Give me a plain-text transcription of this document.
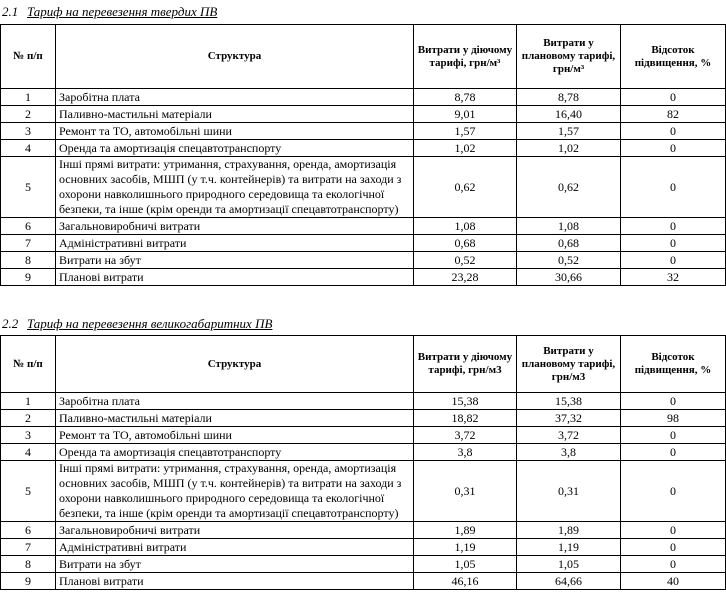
2.1 Тариф на перевезення твердих ПВ
№ п/п	Структура	Витрати у діючому тарифі, грн/м³	Витрати у плановому тарифі, грн/м³	Відсоток підвищення, %
1	Заробітна плата	8,78	8,78	0
2	Паливно-мастильні матеріали	9,01	16,40	82
3	Ремонт та ТО, автомобільні шини	1,57	1,57	0
4	Оренда та амортизація спецавтотранспорту	1,02	1,02	0
5	Інші прямі витрати: утримання, страхування, оренда, амортизація основних засобів, МШП (у т.ч. контейнерів) та витрати на заходи з охорони навколишнього природного середовища та екологічної безпеки, та інше (крім оренди та амортизації спецавтотранспорту)	0,62	0,62	0
6	Загальновиробничі витрати	1,08	1,08	0
7	Адміністративні витрати	0,68	0,68	0
8	Витрати на збут	0,52	0,52	0
9	Планові витрати	23,28	30,66	32
2.2 Тариф на перевезення великогабаритних ПВ
№ п/п	Структура	Витрати у діючому тарифі, грн/м3	Витрати у плановому тарифі, грн/м3	Відсоток підвищення, %
1	Заробітна плата	15,38	15,38	0
2	Паливно-мастильні матеріали	18,82	37,32	98
3	Ремонт та ТО, автомобільні шини	3,72	3,72	0
4	Оренда та амортизація спецавтотранспорту	3,8	3,8	0
5	Інші прямі витрати: утримання, страхування, оренда, амортизація основних засобів, МШП (у т.ч. контейнерів) та витрати на заходи з охорони навколишнього природного середовища та екологічної безпеки, та інше (крім оренди та амортизації спецавтотранспорту)	0,31	0,31	0
6	Загальновиробничі витрати	1,89	1,89	0
7	Адміністративні витрати	1,19	1,19	0
8	Витрати на збут	1,05	1,05	0
9	Планові витрати	46,16	64,66	40
